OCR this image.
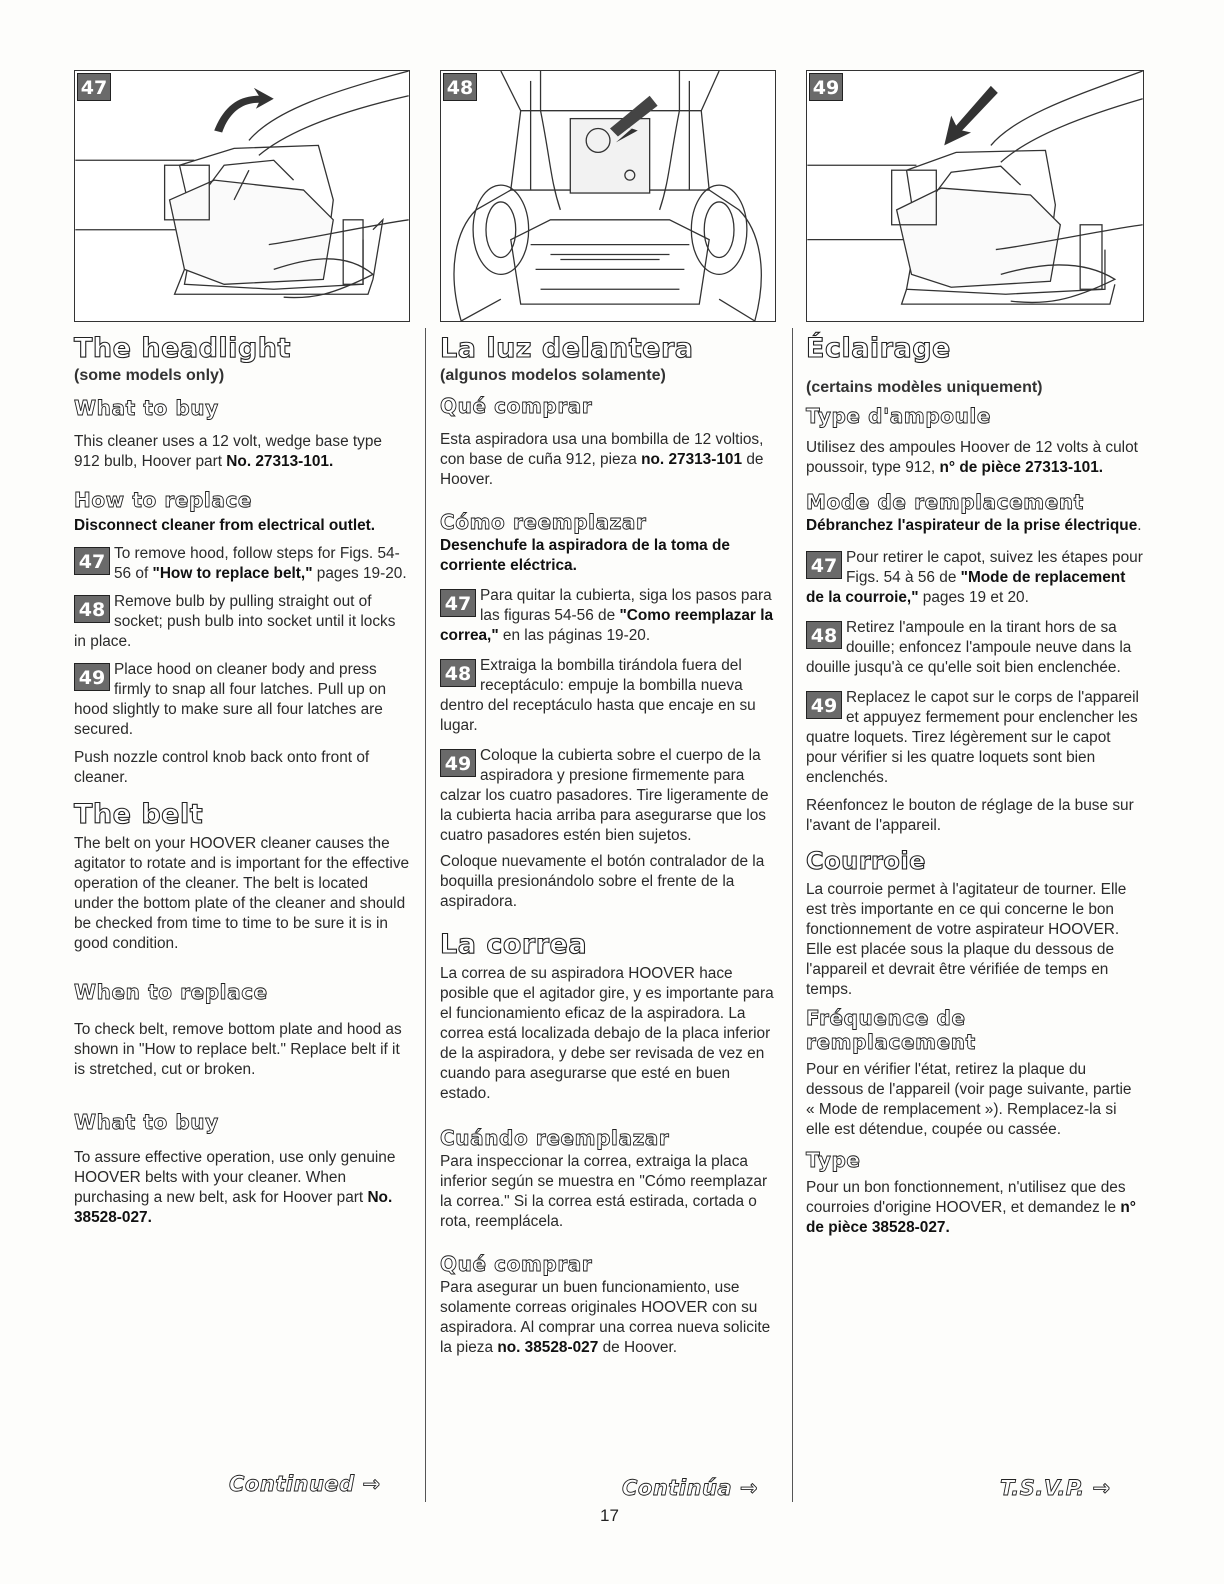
47
The headlight
(some models only)
What to buy

This cleaner uses a 12 volt, wedge base type 912 bulb, Hoover part No. 27313-101.

How to replace

Disconnect cleaner from electrical outlet.

47 To remove hood, follow steps for Figs. 54-56 of "How to replace belt," pages 19-20.
48 Remove bulb by pulling straight out of socket; push bulb into socket until it locks in place.
49 Place hood on cleaner body and press firmly to snap all four latches. Pull up on hood slightly to make sure all four latches are secured.

Push nozzle control knob back onto front of cleaner.

The belt

The belt on your HOOVER cleaner causes the agitator to rotate and is important for the effective operation of the cleaner. The belt is located under the bottom plate of the cleaner and should be checked from time to time to be sure it is in good condition.

When to replace

To check belt, remove bottom plate and hood as shown in "How to replace belt." Replace belt if it is stretched, cut or broken.

What to buy

To assure effective operation, use only genuine HOOVER belts with your cleaner. When purchasing a new belt, ask for Hoover part No. 38528-027.

48
La luz delantera
(algunos modelos solamente)
Qué comprar

Esta aspiradora usa una bombilla de 12 voltios, con base de cuña 912, pieza no. 27313-101 de Hoover.

Cómo reemplazar

Desenchufe la aspiradora de la toma de corriente eléctrica.

47 Para quitar la cubierta, siga los pasos para las figuras 54-56 de "Como reemplazar la correa," en las páginas 19-20.
48 Extraiga la bombilla tirándola fuera del receptáculo: empuje la bombilla nueva dentro del receptáculo hasta que encaje en su lugar.
49 Coloque la cubierta sobre el cuerpo de la aspiradora y presione firmemente para calzar los cuatro pasadores. Tire ligeramente de la cubierta hacia arriba para asegurarse que los cuatro pasadores estén bien sujetos.

Coloque nuevamente el botón contralador de la boquilla presionándolo sobre el frente de la aspiradora.

La correa

La correa de su aspiradora HOOVER hace posible que el agitador gire, y es importante para el funcionamiento eficaz de la aspiradora. La correa está localizada debajo de la placa inferior de la aspiradora, y debe ser revisada de vez en cuando para asegurarse que esté en buen estado.

Cuándo reemplazar

Para inspeccionar la correa, extraiga la placa inferior según se muestra en "Cómo reemplazar la correa." Si la correa está estirada, cortada o rota, reemplácela.

Qué comprar

Para asegurar un buen funcionamiento, use solamente correas originales HOOVER con su aspiradora. Al comprar una correa nueva solicite la pieza no. 38528-027 de Hoover.

49
Éclairage
(certains modèles uniquement)
Type d'ampoule

Utilisez des ampoules Hoover de 12 volts à culot poussoir, type 912, n° de pièce 27313-101.

Mode de remplacement

Débranchez l'aspirateur de la prise électrique.

47 Pour retirer le capot, suivez les étapes pour Figs. 54 à 56 de "Mode de replacement de la courroie," pages 19 et 20.
48 Retirez l'ampoule en la tirant hors de sa douille; enfoncez l'ampoule neuve dans la douille jusqu'à ce qu'elle soit bien enclenchée.
49 Replacez le capot sur le corps de l'appareil et appuyez fermement pour enclencher les quatre loquets. Tirez légèrement sur le capot pour vérifier si les quatre loquets sont bien enclenchés.

Réenfoncez le bouton de réglage de la buse sur l'avant de l'appareil.

Courroie

La courroie permet à l'agitateur de tourner. Elle est très importante en ce qui concerne le bon fonctionnement de votre aspirateur HOOVER. Elle est placée sous la plaque du dessous de l'appareil et devrait être vérifiée de temps en temps.

Fréquence de remplacement

Pour en vérifier l'état, retirez la plaque du dessous de l'appareil (voir page suivante, partie « Mode de remplacement »). Remplacez-la si elle est détendue, coupée ou cassée.

Type

Pour un bon fonctionnement, n'utilisez que des courroies d'origine HOOVER, et demandez le n° de pièce 38528-027.

Continued →	Continúa →	T.S.V.P. →
17
